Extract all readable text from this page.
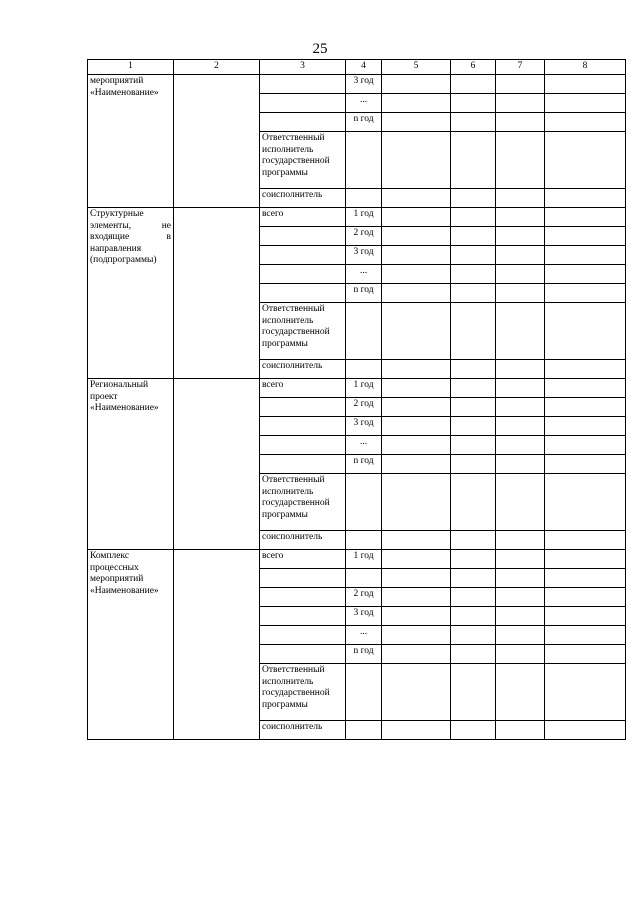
25
1	2	3	4	5	6	7	8
мероприятий «Наименование»			3 год				
			...				
			n год				
		Ответственный исполнитель государственной программы					
		соисполнитель					
Структурные элементы, не входящие в направления (подпрограммы)		всего	1 год				
			2 год				
			3 год				
			...				
			n год				
		Ответственный исполнитель государственной программы					
		соисполнитель					
Региональный проект «Наименование»		всего	1 год				
			2 год				
			3 год				
			...				
			n год				
		Ответственный исполнитель государственной программы					
		соисполнитель					
Комплекс процессных мероприятий «Наименование»		всего	1 год				

			2 год				
			3 год				
			...				
			n год				
		Ответственный исполнитель государственной программы					
		соисполнитель					
